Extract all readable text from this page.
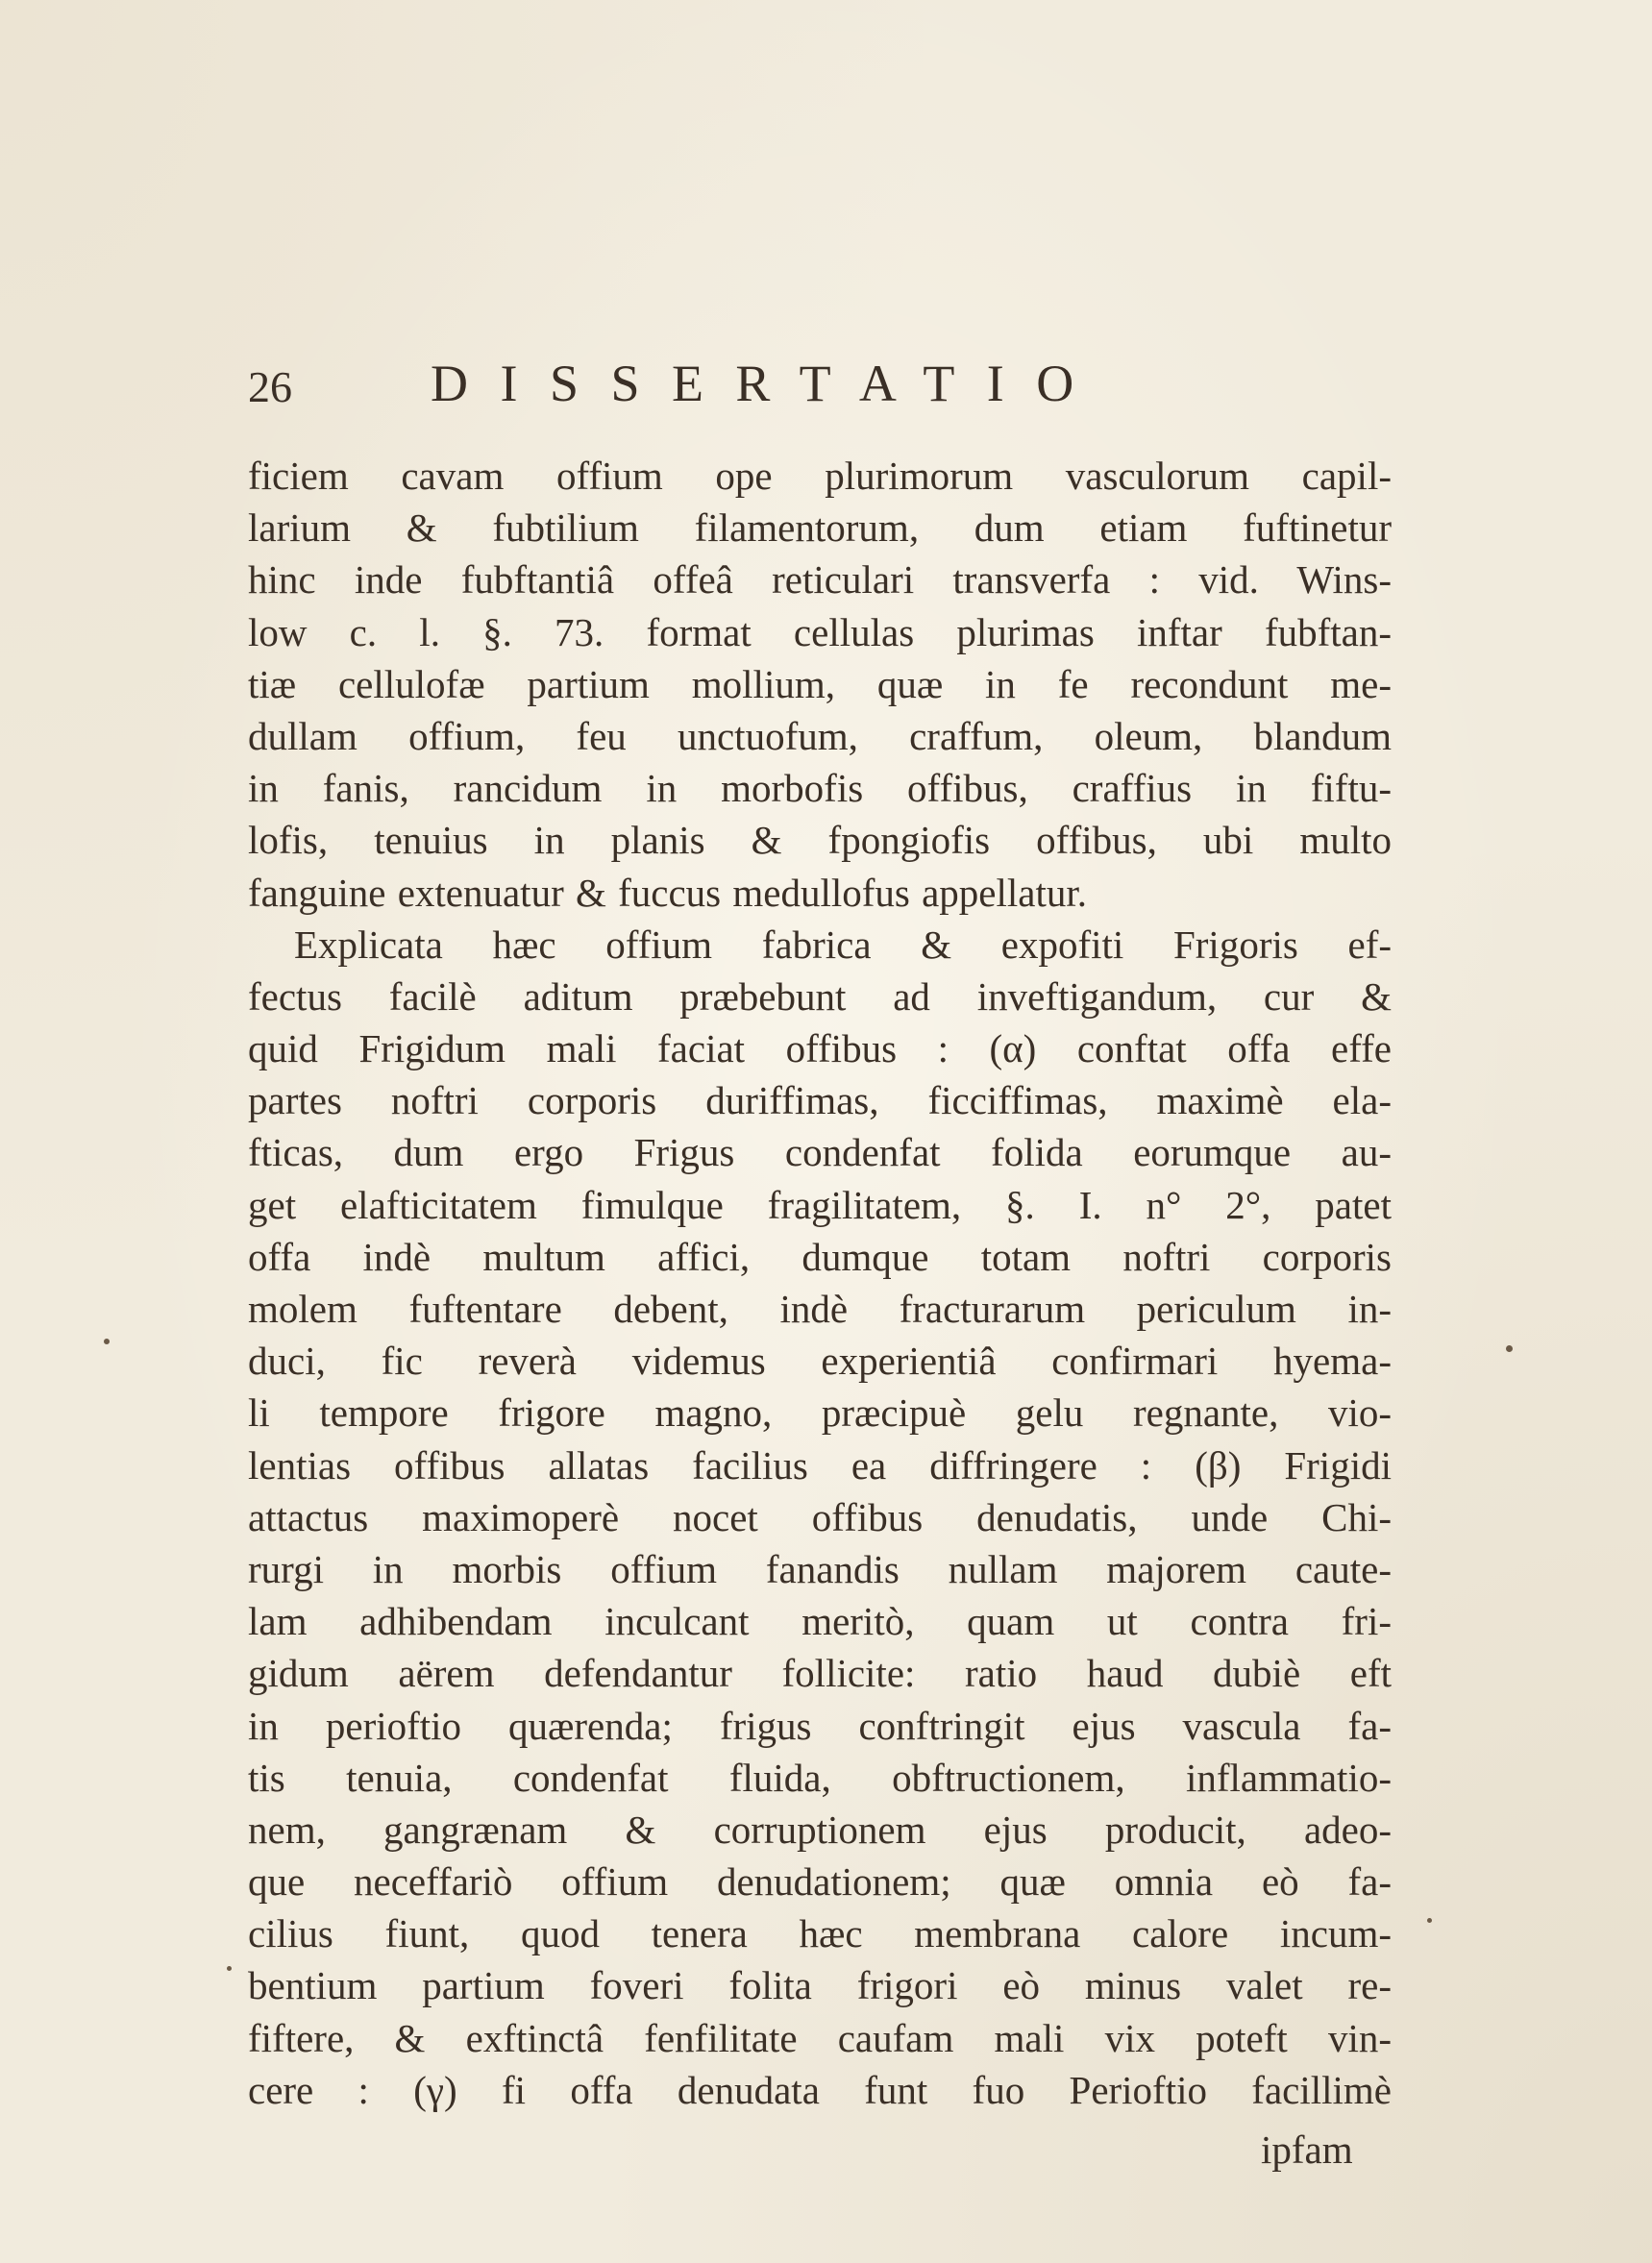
26	DISSERTATIO
ficiem cavam offium ope plurimorum vasculorum capil-
larium & fubtilium filamentorum, dum etiam fuftinetur
hinc inde fubftantiâ offeâ reticulari transverfa : vid. Wins-
low c. l. §. 73. format cellulas plurimas inftar fubftan-
tiæ cellulofæ partium mollium, quæ in fe recondunt me-
dullam offium, feu unctuofum, craffum, oleum, blandum
in fanis, rancidum in morbofis offibus, craffius in fiftu-
lofis, tenuius in planis & fpongiofis offibus, ubi multo
fanguine extenuatur & fuccus medullofus appellatur.
Explicata hæc offium fabrica & expofiti Frigoris ef-
fectus facilè aditum præbebunt ad inveftigandum, cur &
quid Frigidum mali faciat offibus : (α) conftat offa effe
partes noftri corporis duriffimas, ficciffimas, maximè ela-
fticas, dum ergo Frigus condenfat folida eorumque au-
get elafticitatem fimulque fragilitatem, §. I. n° 2°, patet
offa indè multum affici, dumque totam noftri corporis
molem fuftentare debent, indè fracturarum periculum in-
duci, fic reverà videmus experientiâ confirmari hyema-
li tempore frigore magno, præcipuè gelu regnante, vio-
lentias offibus allatas facilius ea diffringere : (β) Frigidi
attactus maximoperè nocet offibus denudatis, unde Chi-
rurgi in morbis offium fanandis nullam majorem caute-
lam adhibendam inculcant meritò, quam ut contra fri-
gidum aërem defendantur follicite: ratio haud dubiè eft
in perioftio quærenda; frigus conftringit ejus vascula fa-
tis tenuia, condenfat fluida, obftructionem, inflammatio-
nem, gangrænam & corruptionem ejus producit, adeo-
que neceffariò offium denudationem; quæ omnia eò fa-
cilius fiunt, quod tenera hæc membrana calore incum-
bentium partium foveri folita frigori eò minus valet re-
fiftere, & exftinctâ fenfilitate caufam mali vix poteft vin-
cere : (γ) fi offa denudata funt fuo Perioftio facillimè
ipfam
